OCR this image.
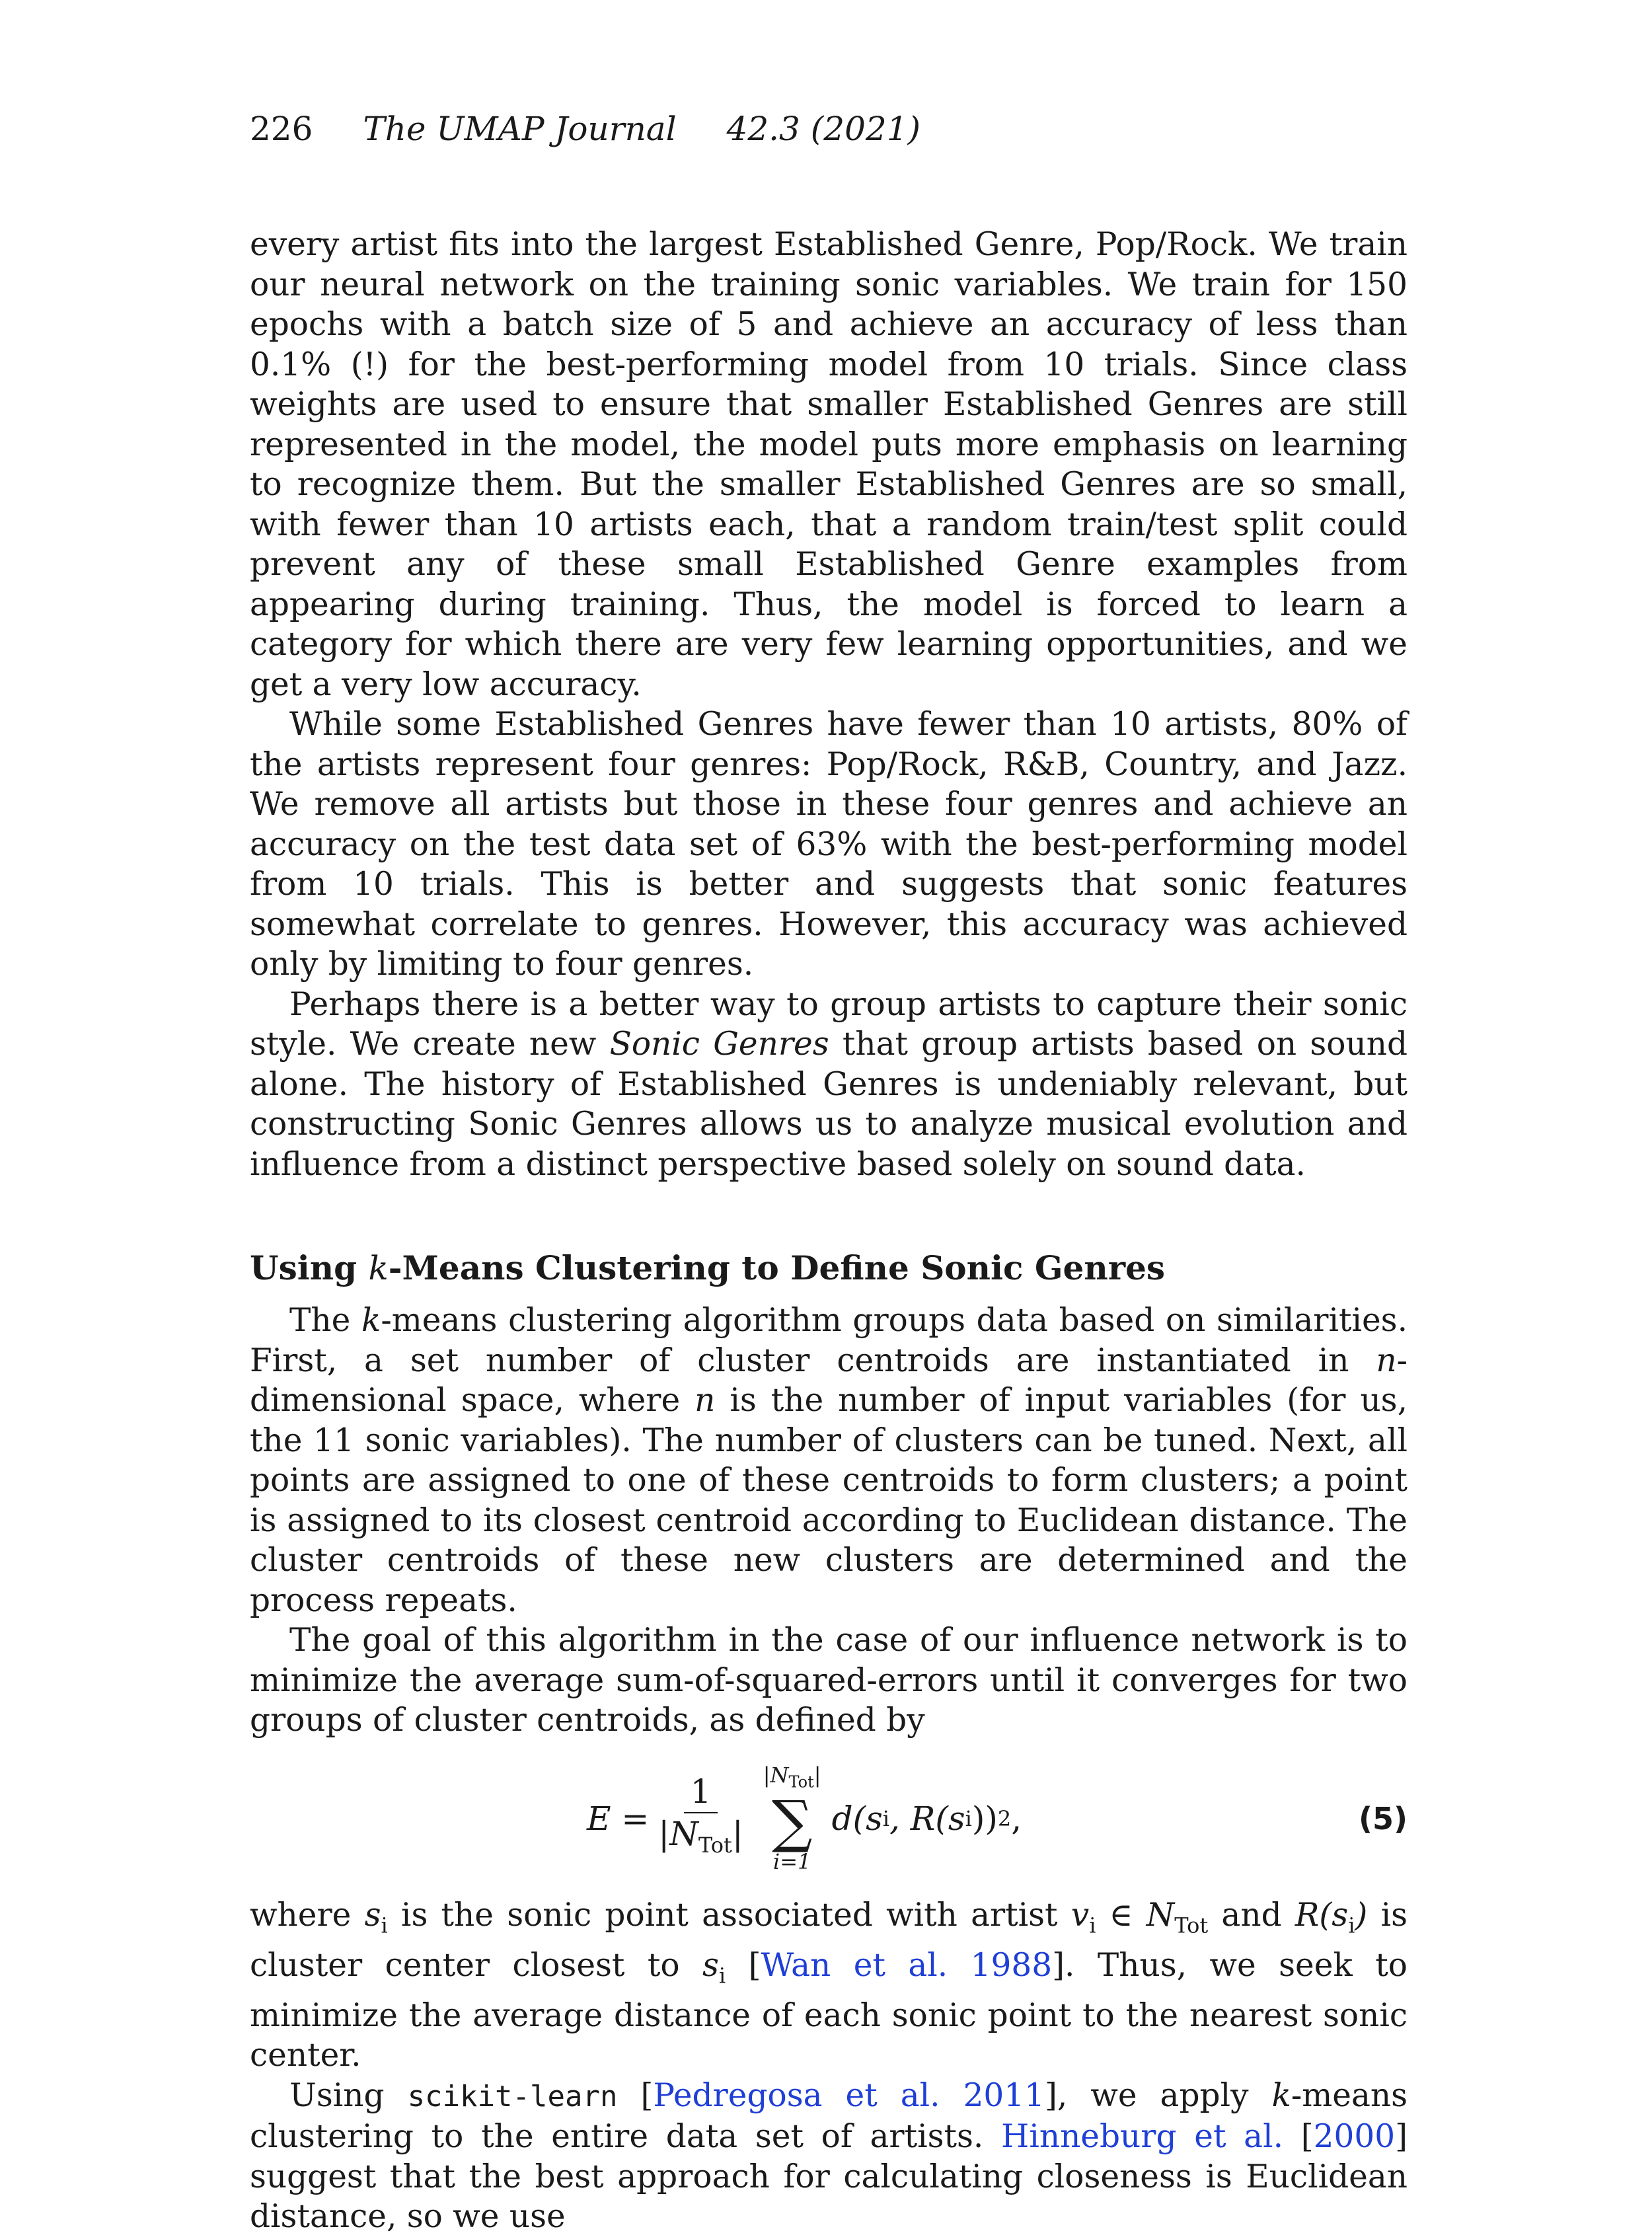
226 The UMAP Journal 42.3 (2021)

every artist fits into the largest Established Genre, Pop/Rock. We train our neural network on the training sonic variables. We train for 150 epochs with a batch size of 5 and achieve an accuracy of less than 0.1% (!) for the best-performing model from 10 trials. Since class weights are used to ensure that smaller Established Genres are still represented in the model, the model puts more emphasis on learning to recognize them. But the smaller Established Genres are so small, with fewer than 10 artists each, that a random train/test split could prevent any of these small Established Genre examples from appearing during training. Thus, the model is forced to learn a category for which there are very few learning opportunities, and we get a very low accuracy.

While some Established Genres have fewer than 10 artists, 80% of the artists represent four genres: Pop/Rock, R&B, Country, and Jazz. We remove all artists but those in these four genres and achieve an accuracy on the test data set of 63% with the best-performing model from 10 trials. This is better and suggests that sonic features somewhat correlate to genres. However, this accuracy was achieved only by limiting to four genres.

Perhaps there is a better way to group artists to capture their sonic style. We create new Sonic Genres that group artists based on sound alone. The history of Established Genres is undeniably relevant, but constructing Sonic Genres allows us to analyze musical evolution and influence from a distinct perspective based solely on sound data.

Using k-Means Clustering to Define Sonic Genres

The k-means clustering algorithm groups data based on similarities. First, a set number of cluster centroids are instantiated in n-dimensional space, where n is the number of input variables (for us, the 11 sonic variables). The number of clusters can be tuned. Next, all points are assigned to one of these centroids to form clusters; a point is assigned to its closest centroid according to Euclidean distance. The cluster centroids of these new clusters are determined and the process repeats.

The goal of this algorithm in the case of our influence network is to minimize the average sum-of-squared-errors until it converges for two groups of cluster centroids, as defined by

$E = \frac{1}{|N_{Tot}|} |N_{Tot}|$
∑
i=1
d (s i , R(s i )) 2 ,	(5)

where $s_i$ is the sonic point associated with artist $v_i$ ∈ $N_{Tot}$ and $R(s_i)$ is cluster center closest to $s_i$ [Wan et al. 1988]. Thus, we seek to minimize the average distance of each sonic point to the nearest sonic center.

Using scikit-learn [Pedregosa et al. 2011], we apply k-means clustering to the entire data set of artists. Hinneburg et al. [2000] suggest that the best approach for calculating closeness is Euclidean distance, so we use
